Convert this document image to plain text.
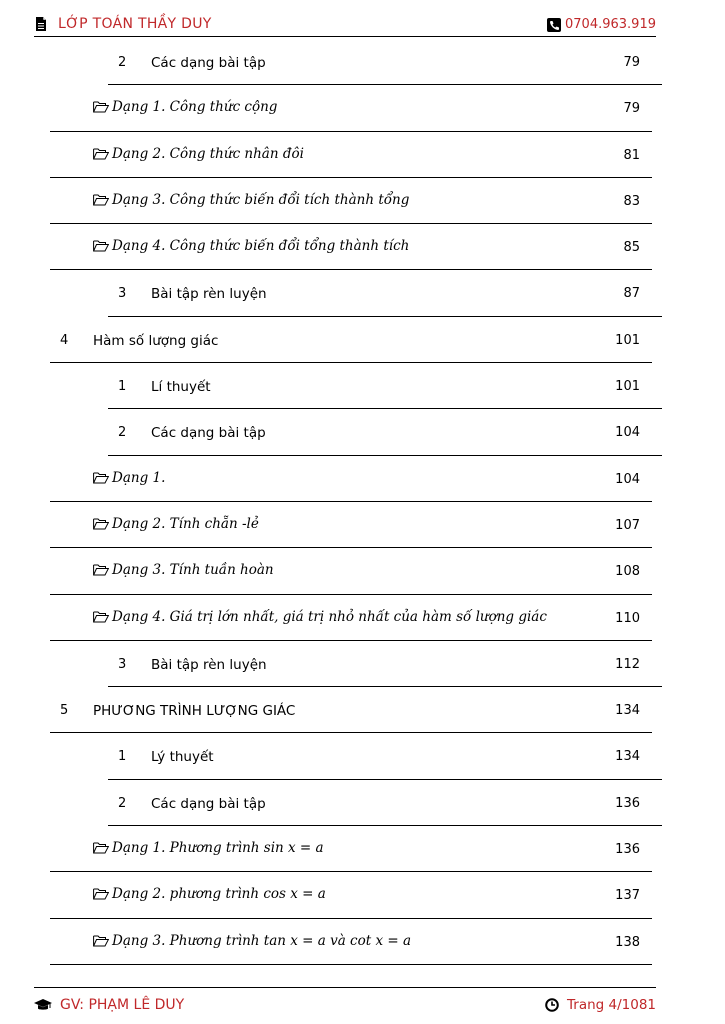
LỚP TOÁN THẦY DUY	0704.963.919
2 Các dạng bài tập	79
Dạng 1. Công thức cộng	79
Dạng 2. Công thức nhân đôi	81
Dạng 3. Công thức biến đổi tích thành tổng	83
Dạng 4. Công thức biến đổi tổng thành tích	85
3 Bài tập rèn luyện	87
4 Hàm số lượng giác	101
1 Lí thuyết	101
2 Các dạng bài tập	104
Dạng 1.	104
Dạng 2. Tính chẵn -lẻ	107
Dạng 3. Tính tuần hoàn	108
Dạng 4. Giá trị lớn nhất, giá trị nhỏ nhất của hàm số lượng giác	110
3 Bài tập rèn luyện	112
5 PHƯƠNG TRÌNH LƯỢNG GIÁC	134
1 Lý thuyết	134
2 Các dạng bài tập	136
Dạng 1. Phương trình sin x = a	136
Dạng 2. phương trình cos x = a	137
Dạng 3. Phương trình tan x = a và cot x = a	138
GV: PHẠM LÊ DUY	Trang 4/1081
